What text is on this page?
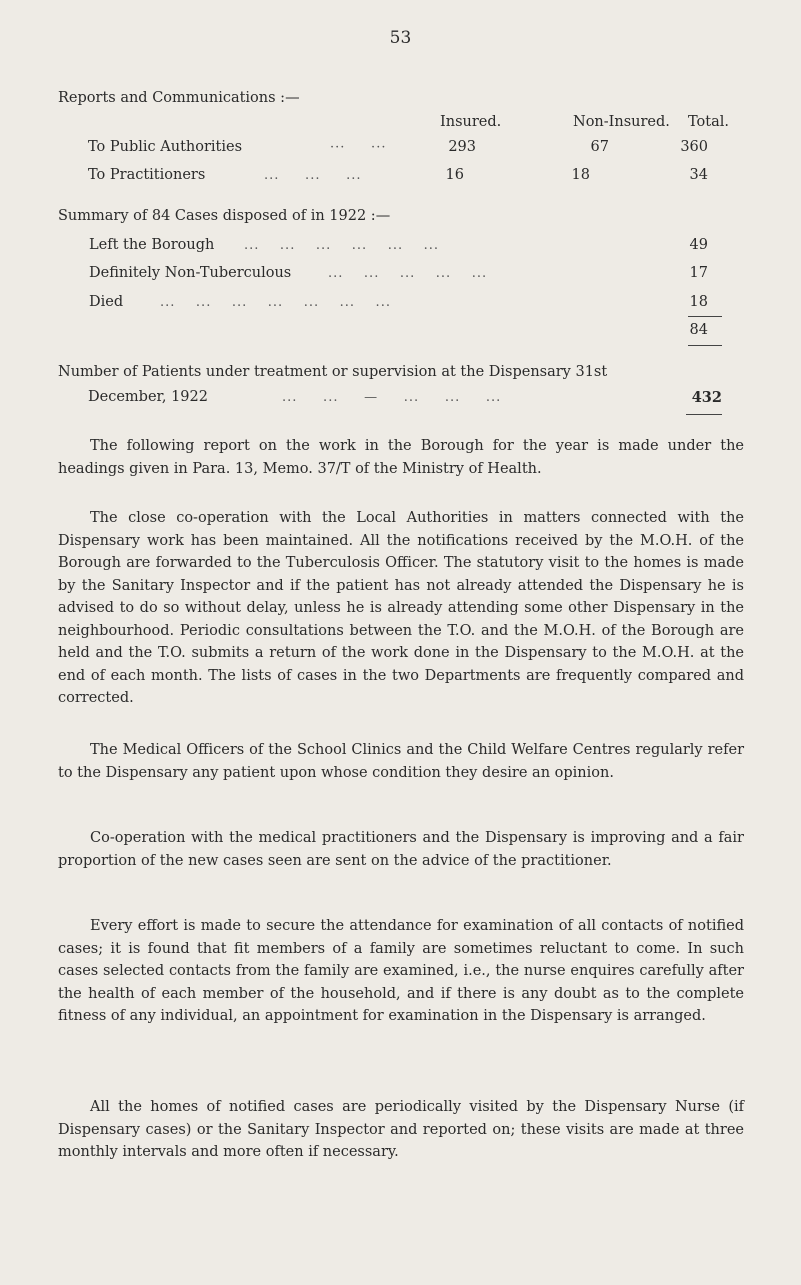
53
Reports and Communications :—
Insured.	Non-Insured. Total.
To Public Authorities	···     ···	293	67	360
To Practitioners	...     ...     ...	16	18	34
Summary of 84 Cases disposed of in 1922 :—
Left the Borough ...    ...    ...    ...    ...    ...	49
Definitely Non-Tuberculous	...    ...    ...    ...    ...	17
Died	...    ...    ...    ...    ...    ...    ...	18
84
Number of Patients under treatment or supervision at the Dispensary 31st
December, 1922	...     ...     —     ...     ...     ...	432

The following report on the work in the Borough for the year is made under the headings given in Para. 13, Memo. 37/T of the Ministry of Health.

The close co-operation with the Local Authorities in matters connected with the Dispensary work has been maintained. All the notifications received by the M.O.H. of the Borough are forwarded to the Tuberculosis Officer. The statutory visit to the homes is made by the Sanitary Inspector and if the patient has not already attended the Dispensary he is advised to do so without delay, unless he is already attending some other Dispensary in the neighbourhood. Periodic consultations between the T.O. and the M.O.H. of the Borough are held and the T.O. submits a return of the work done in the Dispensary to the M.O.H. at the end of each month. The lists of cases in the two Departments are frequently compared and corrected.

The Medical Officers of the School Clinics and the Child Welfare Centres regularly refer to the Dispensary any patient upon whose condition they desire an opinion.

Co-operation with the medical practitioners and the Dispensary is improving and a fair proportion of the new cases seen are sent on the advice of the practitioner.

Every effort is made to secure the attendance for examination of all contacts of notified cases; it is found that fit members of a family are sometimes reluctant to come. In such cases selected contacts from the family are examined, i.e., the nurse enquires carefully after the health of each member of the household, and if there is any doubt as to the complete fitness of any individual, an appointment for examination in the Dispensary is arranged.

All the homes of notified cases are periodically visited by the Dispensary Nurse (if Dispensary cases) or the Sanitary Inspector and reported on; these visits are made at three monthly intervals and more often if necessary.
